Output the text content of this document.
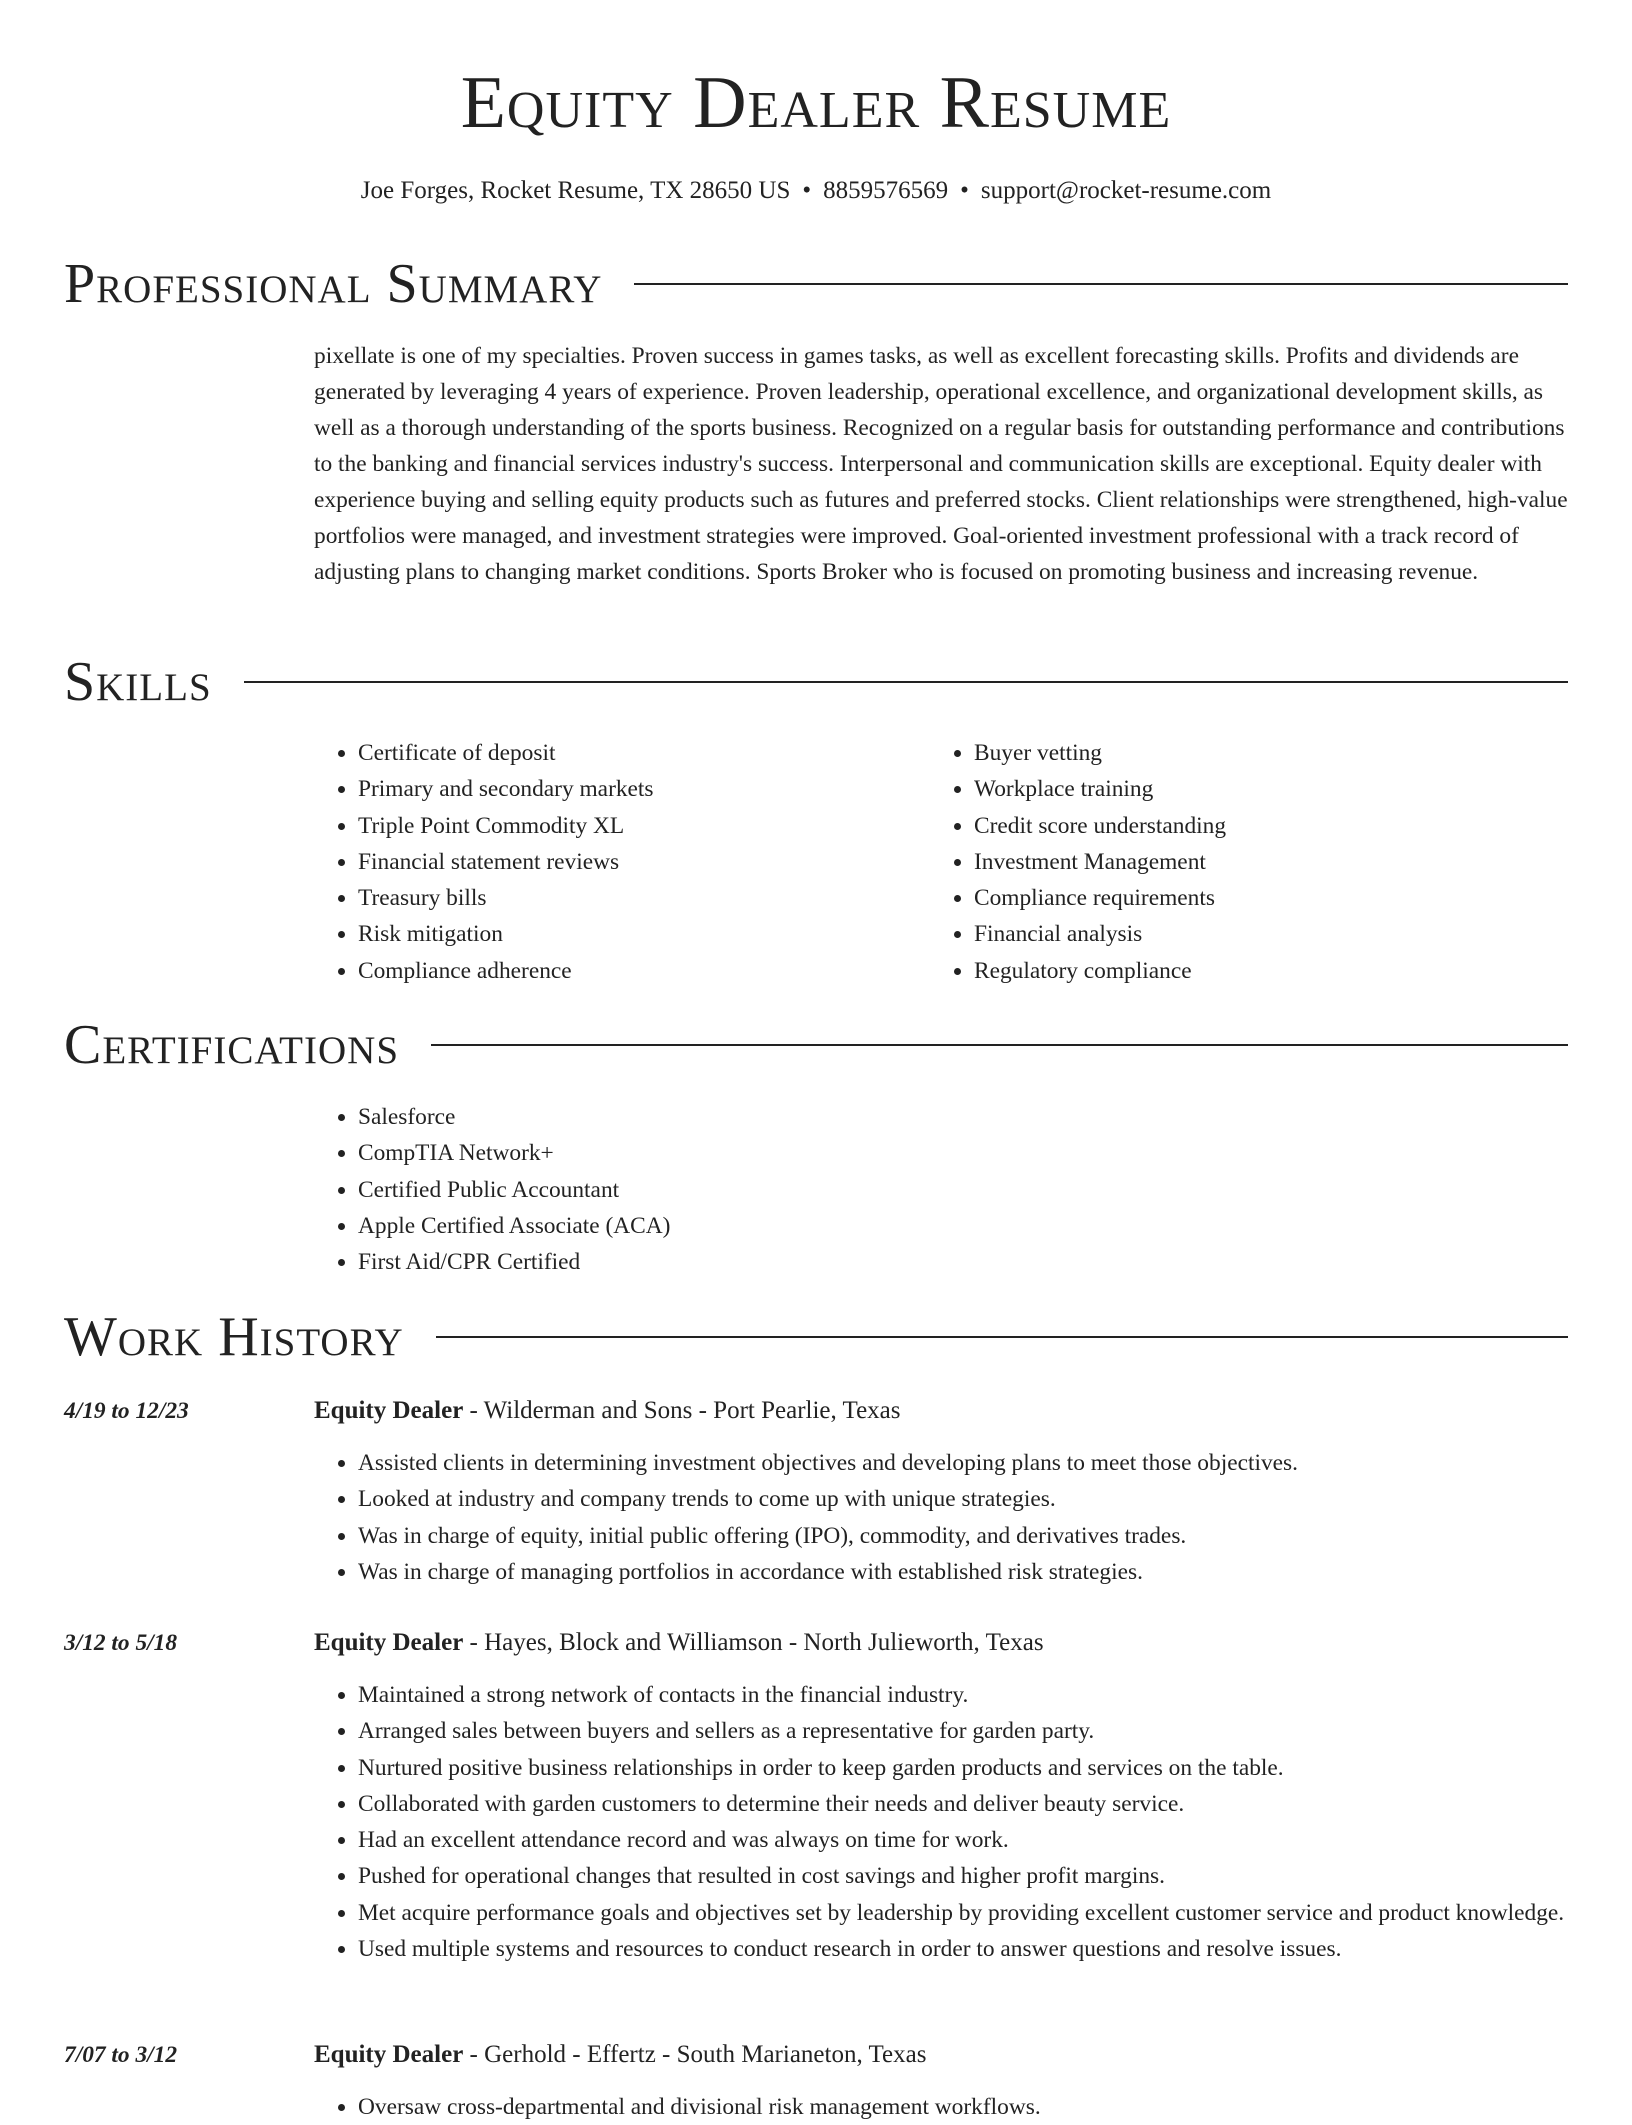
Equity Dealer Resume
Joe Forges, Rocket Resume, TX 28650 US • 8859576569 • support@rocket-resume.com
Professional Summary

pixellate is one of my specialties. Proven success in games tasks, as well as excellent forecasting skills. Profits and dividends are generated by leveraging 4 years of experience. Proven leadership, operational excellence, and organizational development skills, as well as a thorough understanding of the sports business. Recognized on a regular basis for outstanding performance and contributions to the banking and financial services industry's success. Interpersonal and communication skills are exceptional. Equity dealer with experience buying and selling equity products such as futures and preferred stocks. Client relationships were strengthened, high-value portfolios were managed, and investment strategies were improved. Goal-oriented investment professional with a track record of adjusting plans to changing market conditions. Sports Broker who is focused on promoting business and increasing revenue.

Skills
• Certificate of deposit
• Primary and secondary markets
• Triple Point Commodity XL
• Financial statement reviews
• Treasury bills
• Risk mitigation
• Compliance adherence
• Buyer vetting
• Workplace training
• Credit score understanding
• Investment Management
• Compliance requirements
• Financial analysis
• Regulatory compliance
Certifications
• Salesforce
• CompTIA Network+
• Certified Public Accountant
• Apple Certified Associate (ACA)
• First Aid/CPR Certified
Work History
4/19 to 12/23	Equity Dealer - Wilderman and Sons - Port Pearlie, Texas
• Assisted clients in determining investment objectives and developing plans to meet those objectives.
• Looked at industry and company trends to come up with unique strategies.
• Was in charge of equity, initial public offering (IPO), commodity, and derivatives trades.
• Was in charge of managing portfolios in accordance with established risk strategies.
3/12 to 5/18	Equity Dealer - Hayes, Block and Williamson - North Julieworth, Texas
• Maintained a strong network of contacts in the financial industry.
• Arranged sales between buyers and sellers as a representative for garden party.
• Nurtured positive business relationships in order to keep garden products and services on the table.
• Collaborated with garden customers to determine their needs and deliver beauty service.
• Had an excellent attendance record and was always on time for work.
• Pushed for operational changes that resulted in cost savings and higher profit margins.
• Met acquire performance goals and objectives set by leadership by providing excellent customer service and product knowledge.
• Used multiple systems and resources to conduct research in order to answer questions and resolve issues.
7/07 to 3/12	Equity Dealer - Gerhold - Effertz - South Marianeton, Texas
• Oversaw cross-departmental and divisional risk management workflows.
